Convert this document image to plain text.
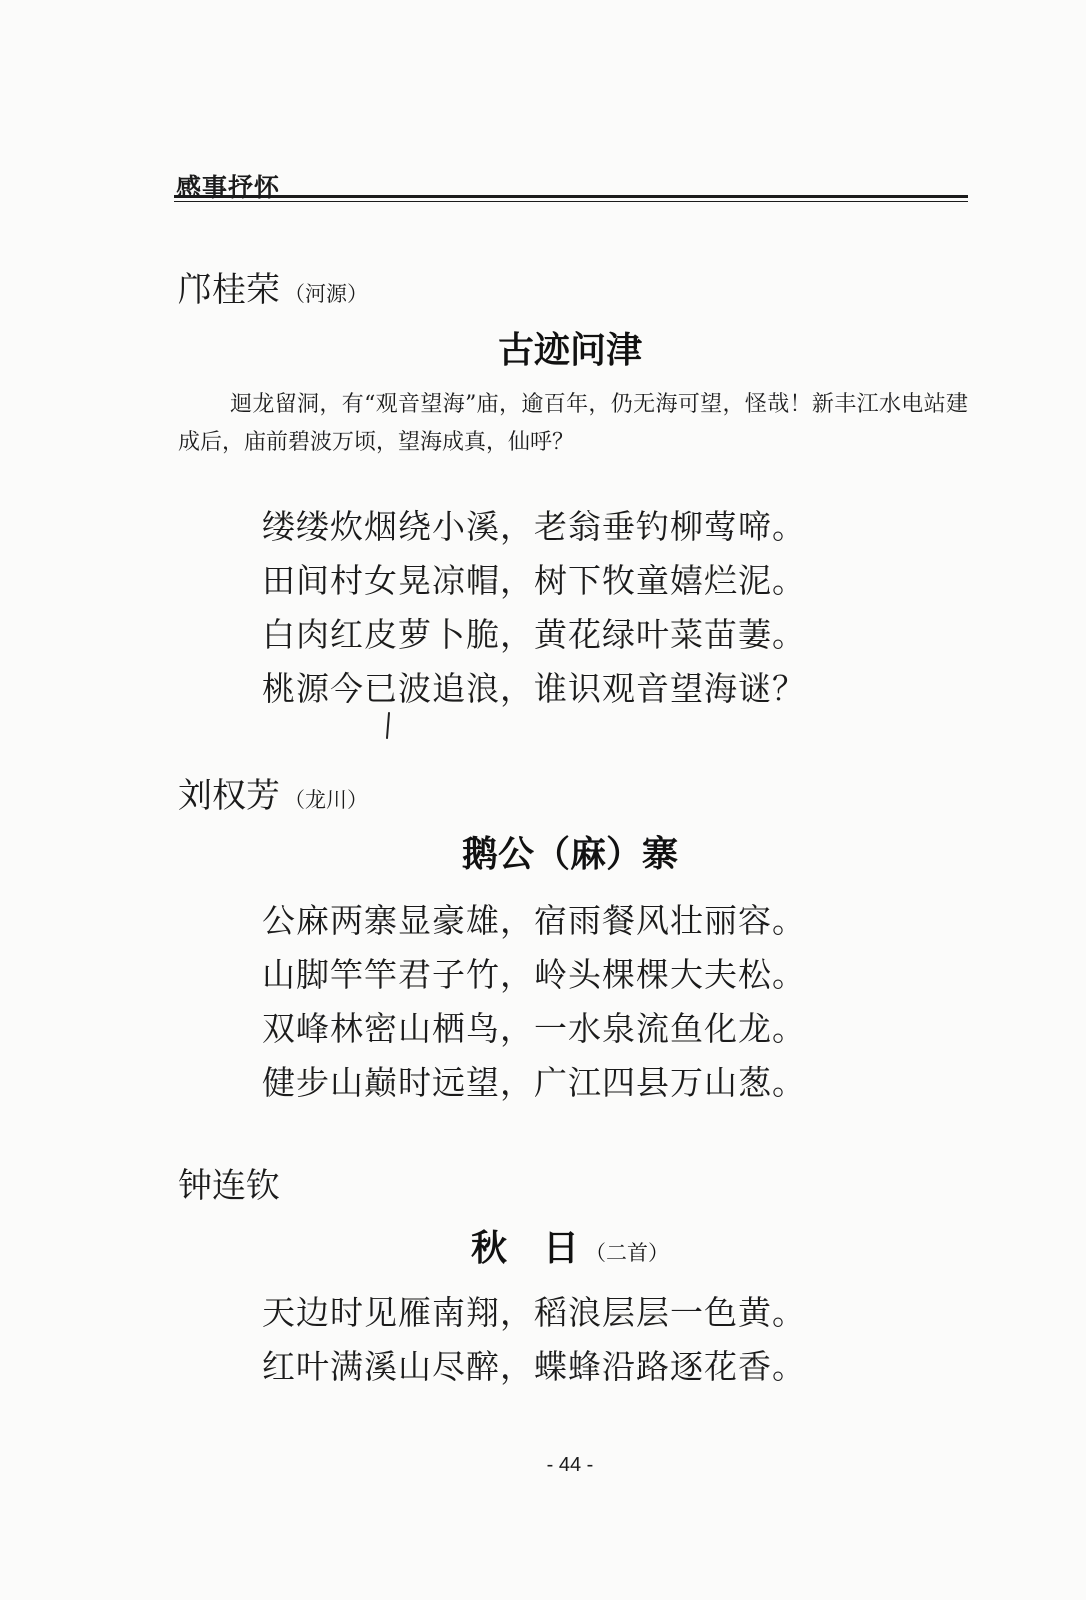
感事抒怀
邝桂荣 （河源）
古迹问津
迴龙留洞，有“观音望海”庙，逾百年，仍无海可望，怪哉！新丰江水电站建成后，庙前碧波万顷，望海成真，仙呼？
缕缕炊烟绕小溪，老翁垂钓柳莺啼。
田间村女晃凉帽，树下牧童嬉烂泥。
白肉红皮萝卜脆，黄花绿叶菜苗萋。
桃源今已波追浪，谁识观音望海谜？
刘权芳 （龙川）
鹅公（麻）寨
公麻两寨显豪雄，宿雨餐风壮丽容。
山脚竿竿君子竹，岭头棵棵大夫松。
双峰林密山栖鸟，一水泉流鱼化龙。
健步山巅时远望，广江四县万山葱。
钟连钦
秋　日 （二首）
天边时见雁南翔，稻浪层层一色黄。
红叶满溪山尽醉，蝶蜂沿路逐花香。
- 44 -
